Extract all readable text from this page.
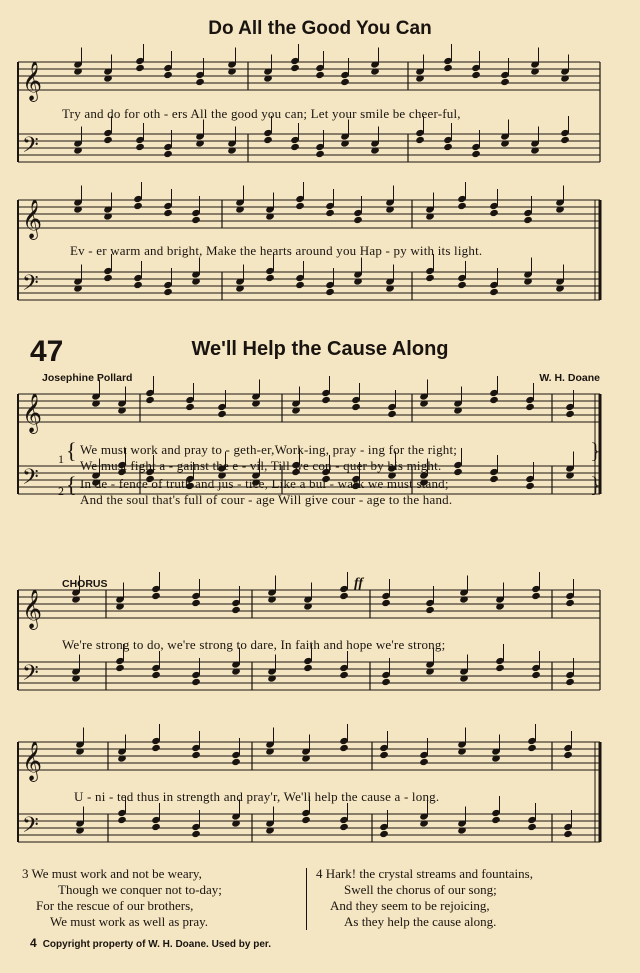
Do All the Good You Can
𝄞
𝄢
Try and do for oth - ers All the good you can; Let your smile be cheer-ful,
𝄞
𝄢
Ev - er warm and bright, Make the hearts around you Hap - py with its light.
47	We'll Help the Cause Along
Josephine Pollard	W. H. Doane
𝄞
𝄢
1 { We must work and pray to - geth-er,Work-ing, pray - ing for the right;
We must fight a - gainst the e - vil, Till we con - quer by his might.
}
2 { In de - fence of truth and jus - tice, Like a bul - wark we must stand;
And the soul that's full of cour - age Will give cour - age to the hand.
}
CHORUS	ff
𝄞
𝄢
We're strong to do, we're strong to dare, In faith and hope we're strong;
𝄞
𝄢
U - ni - ted thus in strength and pray'r, We'll help the cause a - long.
3 We must work and not be weary,
Though we conquer not to-day;
For the rescue of our brothers,
We must work as well as pray.
4 Hark! the crystal streams and fountains,
Swell the chorus of our song;
And they seem to be rejoicing,
As they help the cause along.
4 Copyright property of W. H. Doane. Used by per.
